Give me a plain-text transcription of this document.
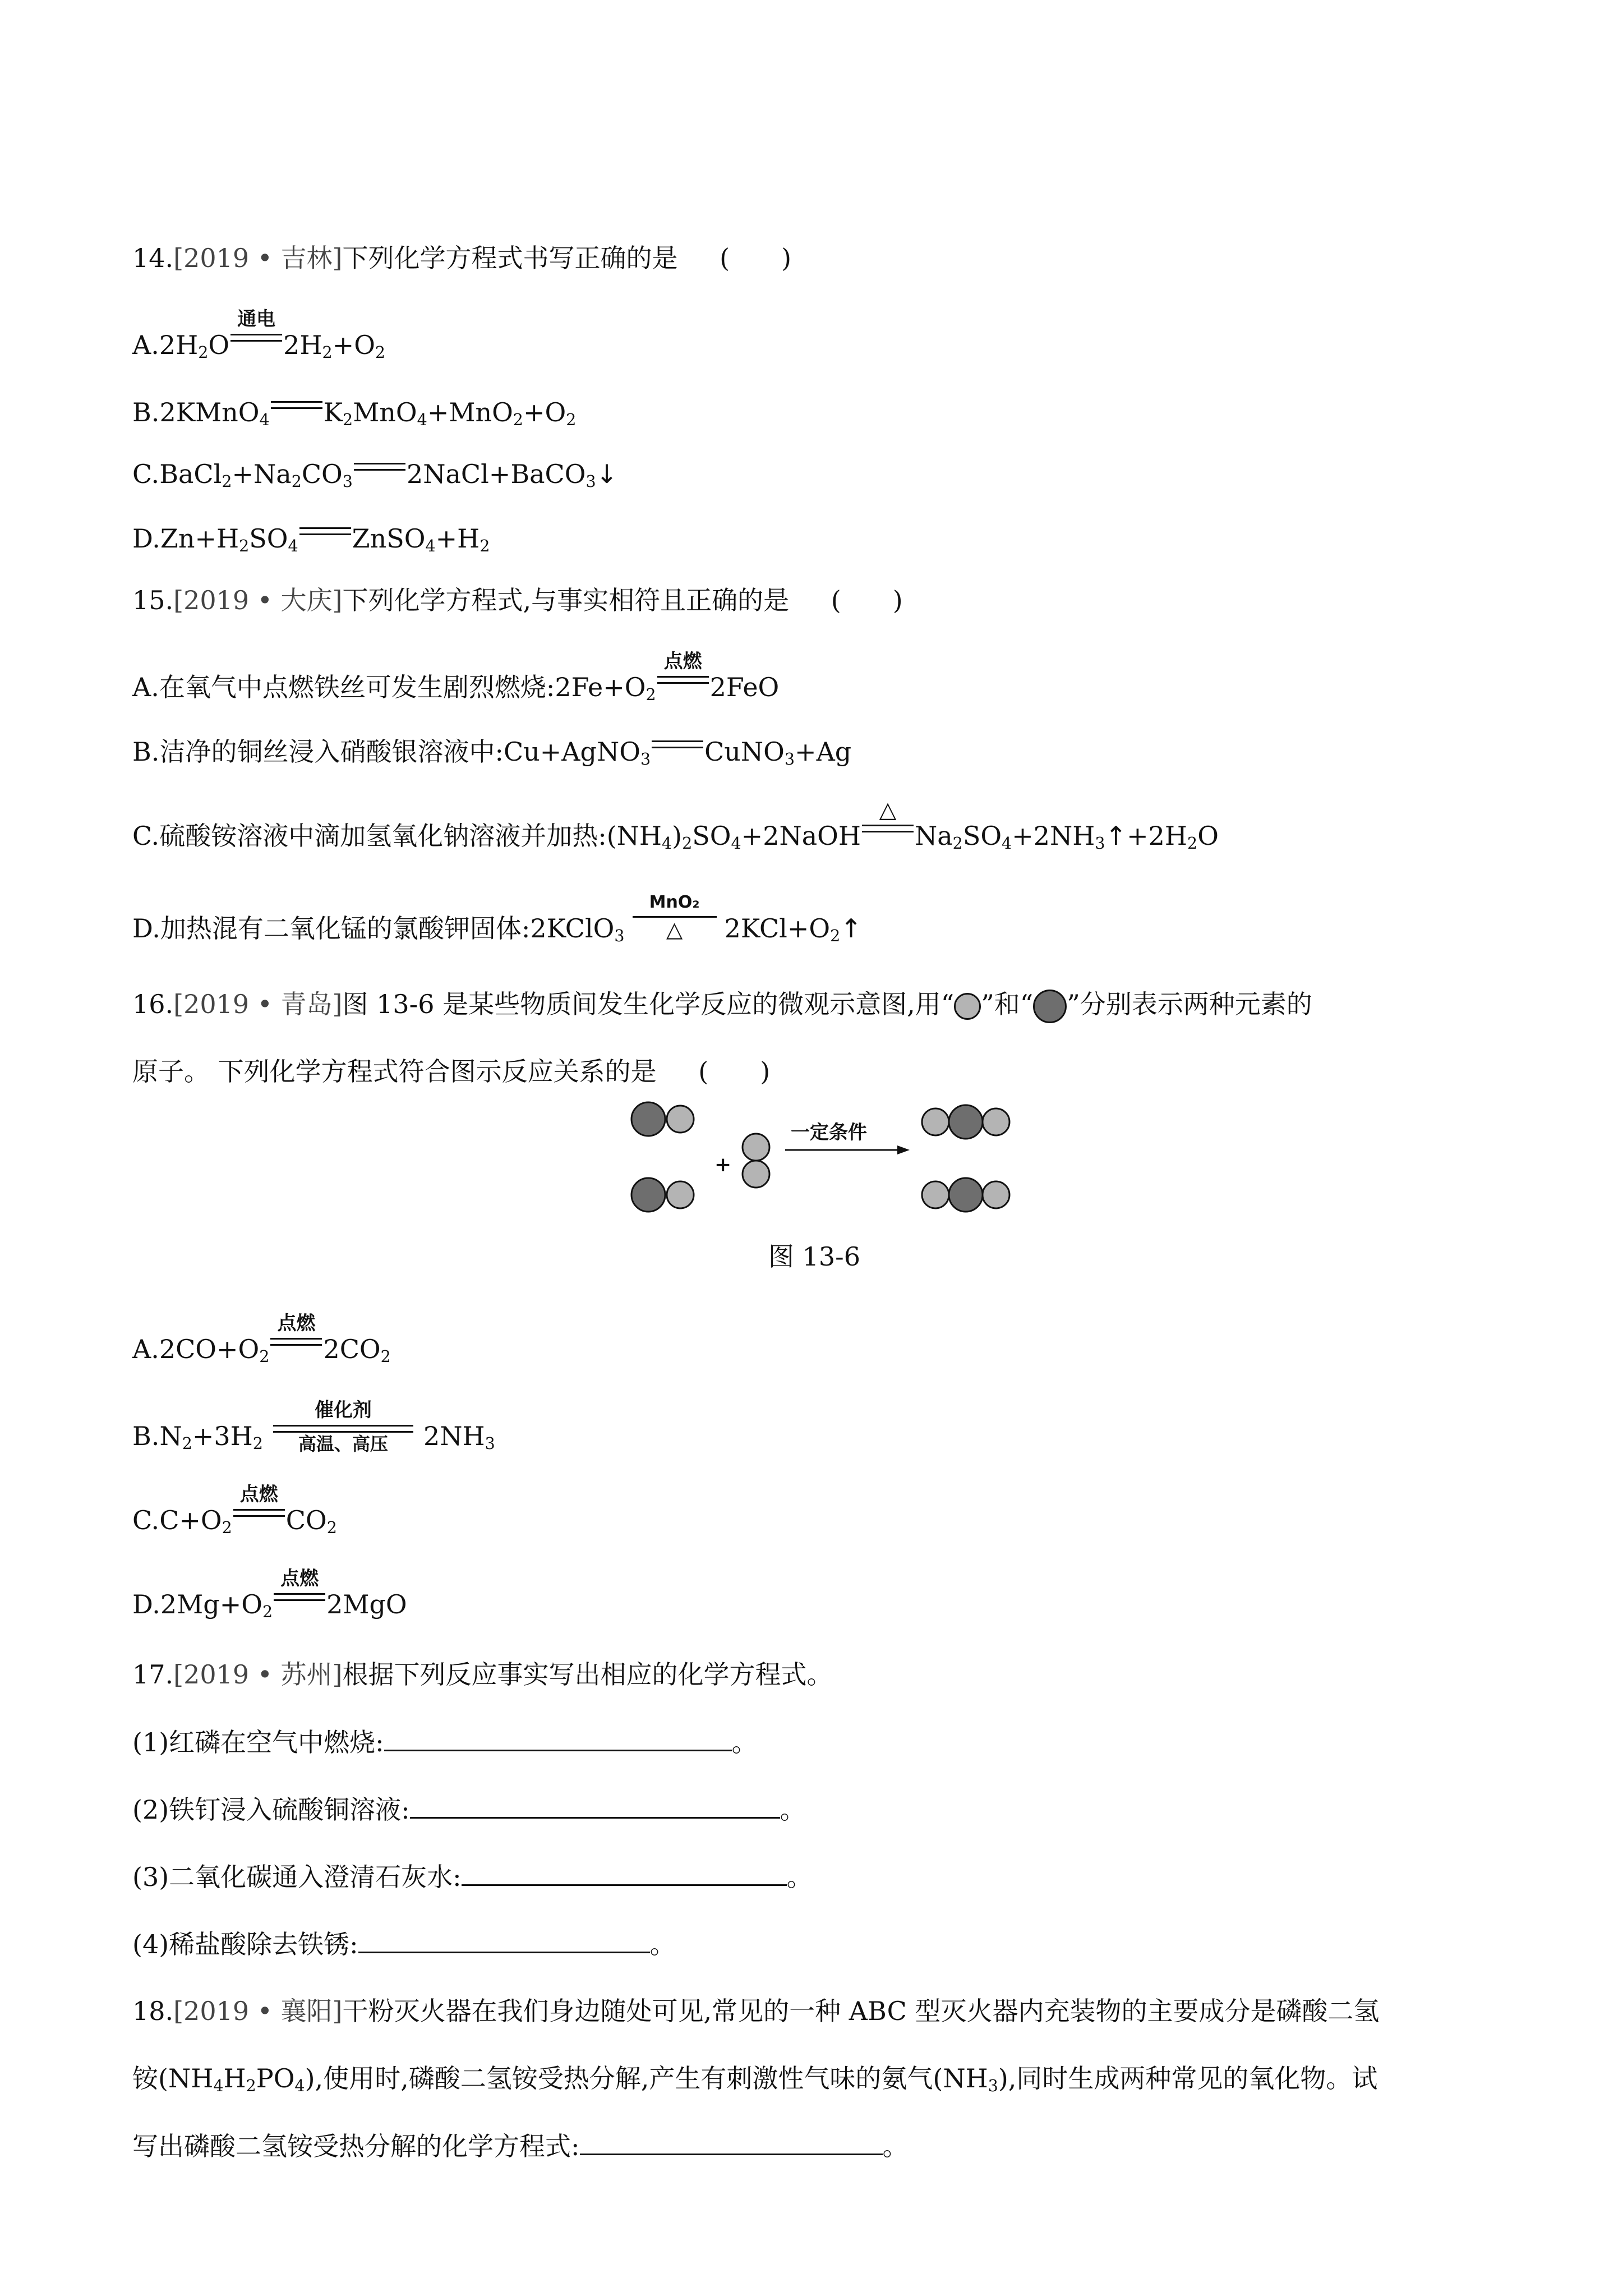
14.[2019 • 吉林]下列化学方程式书写正确的是 (　　)
$A.2H_2O$
通电
$2H_2+O_2$
B.2KMnO$_4$ $K_2MnO_4+MnO_2+O_2$
$C.BaCl_2+Na_2CO_3$ 2NaCl+BaCO$_3$↓
$D.Zn+H_2SO_4$ $ZnSO_4+H_2$
15.[2019 • 大庆]下列化学方程式,与事实相符且正确的是 (　　)
A.在氧气中点燃铁丝可发生剧烈燃烧$:2Fe+O_2$
点燃
2FeO
B.洁净的铜丝浸入硝酸银溶液中:Cu+AgNO$_3$ CuNO$_3$+Ag
C.硫酸铵溶液中滴加氢氧化钠溶液并加热$:(NH_4)_2SO_4+2NaOH$
△
$Na_2SO_4+2NH_3↑+2H_2O$
D.加热混有二氧化锰的氯酸钾固体:2KClO$_3$
MnO₂
△	$2KCl+O_2↑$
16.[2019 • 青岛]图 13-6 是某些物质间发生化学反应的微观示意图,用“ ”和“ ”分别表示两种元素的
原子。 下列化学方程式符合图示反应关系的是 (　　)
+
一定条件
图 13-6
$A.2CO+O_2$
点燃
$2CO_2$
$B.N_2+3H_2$
催化剂
高温、高压	$2NH_3$
$C.C+O_2$
点燃
$CO_2$
$D.2Mg+O_2$
点燃
2MgO
17.[2019 • 苏州]根据下列反应事实写出相应的化学方程式。
(1)红磷在空气中燃烧:	。
(2)铁钉浸入硫酸铜溶液:	。
(3)二氧化碳通入澄清石灰水:	。
(4)稀盐酸除去铁锈:	。
18.[2019 • 襄阳]干粉灭火器在我们身边随处可见,常见的一种 ABC 型灭火器内充装物的主要成分是磷酸二氢
铵$(NH_4H_2PO_4)$,使用时,磷酸二氢铵受热分解,产生有刺激性气味的氨气$(NH_3)$,同时生成两种常见的氧化物。试
写出磷酸二氢铵受热分解的化学方程式:	。
